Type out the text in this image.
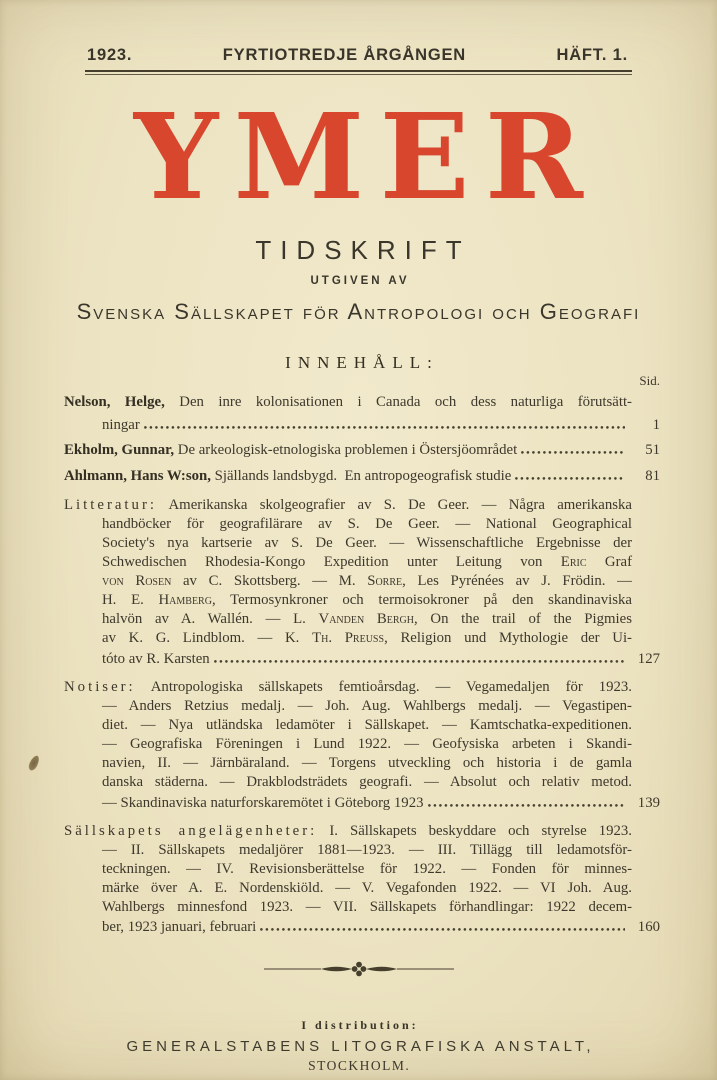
1923.	FYRTIOTREDJE ÅRGÅNGEN	HÄFT. 1.
YMER
TIDSKRIFT
UTGIVEN AV
Svenska Sällskapet för Antropologi och Geografi
INNEHÅLL:
Sid.
Nelson, Helge, Den inre kolonisationen i Canada och dess naturliga förutsätt-
ningar	1
Ekholm, Gunnar, De arkeologisk-etnologiska problemen i Östersjöområdet	51
Ahlmann, Hans W:son, Själlands landsbygd.  En antropogeografisk studie	81
Litteratur: Amerikanska skolgeografier av S. De Geer. — Några amerikanska
handböcker för geografilärare av S. De Geer. — National Geographical
Society's nya kartserie av S. De Geer. — Wissenschaftliche Ergebnisse der
Schwedischen Rhodesia-Kongo Expedition unter Leitung von Eric Graf
von Rosen av C. Skottsberg. — M. Sorre, Les Pyrénées av J. Frödin. —
H. E. Hamberg, Termosynkroner och termoisokroner på den skandinaviska
halvön av A. Wallén. — L. Vanden Bergh, On the trail of the Pigmies
av K. G. Lindblom. — K. Th. Preuss, Religion und Mythologie der Ui-
tóto av R. Karsten	127
Notiser: Antropologiska sällskapets femtioårsdag. — Vegamedaljen för 1923.
— Anders Retzius medalj. — Joh. Aug. Wahlbergs medalj. — Vegastipen-
diet. — Nya utländska ledamöter i Sällskapet. — Kamtschatka-expeditionen.
— Geografiska Föreningen i Lund 1922. — Geofysiska arbeten i Skandi-
navien, II. — Järnbäraland. — Torgens utveckling och historia i de gamla
danska städerna. — Drakblodsträdets geografi. — Absolut och relativ metod.
— Skandinaviska naturforskaremötet i Göteborg 1923	139
Sällskapets angelägenheter: I. Sällskapets beskyddare och styrelse 1923.
— II. Sällskapets medaljörer 1881—1923. — III. Tillägg till ledamotsför-
teckningen. — IV. Revisionsberättelse för 1922. — Fonden för minnes-
märke över A. E. Nordenskiöld. — V. Vegafonden 1922. — VI Joh. Aug.
Wahlbergs minnesfond 1923. — VII. Sällskapets förhandlingar: 1922 decem-
ber, 1923 januari, februari	160
I distribution:
GENERALSTABENS LITOGRAFISKA ANSTALT,
STOCKHOLM.
